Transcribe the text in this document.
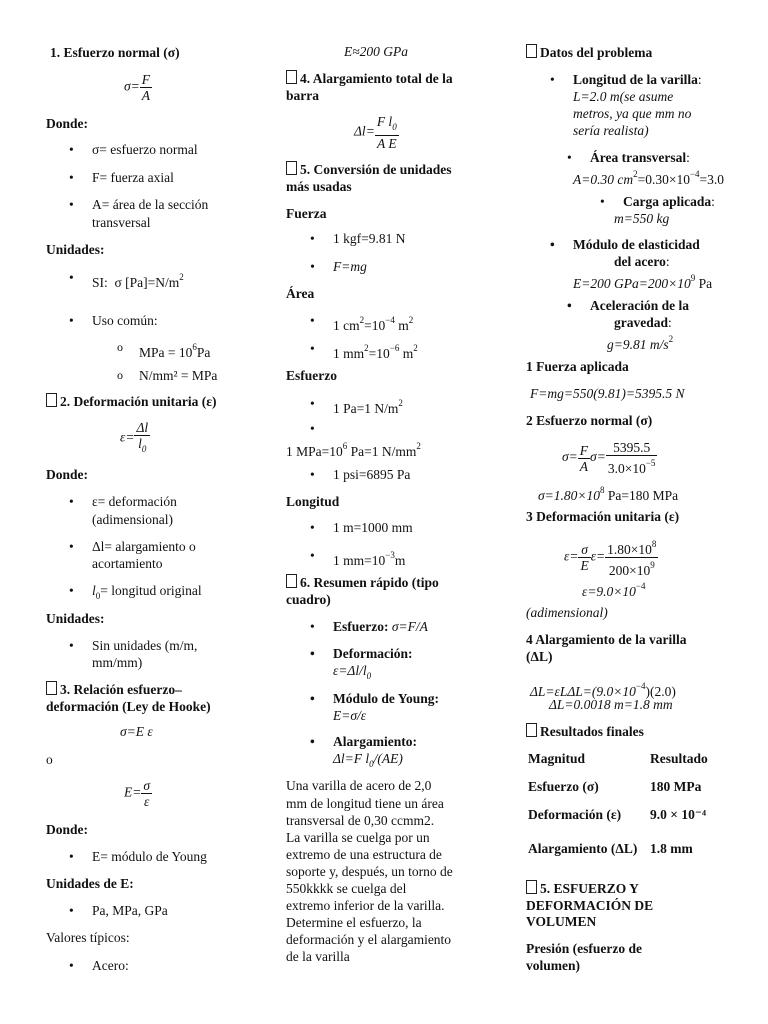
1. Esfuerzo normal (σ)
$\sigma= \frac{F}{A}$
Donde:
• σ= esfuerzo normal
• F= fuerza axial
• A= área de la sección
transversal
Unidades:
• SI: σ $[Pa]=N/m^2$
• Uso común:
o MPa = $10^6Pa$
o N/mm² = MPa
2. Deformación unitaria (ε)
$\varepsilon= \frac{\Delta l}{l_0}$
Donde:
• ε= deformación
(adimensional)
• Δl= alargamiento o
acortamiento
• $l_0=$ longitud original
Unidades:
• Sin unidades (m/m,
mm/mm)
3. Relación esfuerzo–
deformación (Ley de Hooke)
σ=E ε
o
$E= \frac{\sigma}{\varepsilon}$
Donde:
• E= módulo de Young
Unidades de E:
• Pa, MPa, GPa
Valores típicos:
• Acero:
E≈200 GPa
4. Alargamiento total de la
barra
$\Delta l= \frac{F l_0}{\text{A E}}$
5. Conversión de unidades
más usadas
Fuerza
• 1 kgf=9.81 N
• F=mg
Área
• 1 $cm^2=10^{-4}$ $m^2$
• 1 $mm^2=10^{-6}$ $m^2$
Esfuerzo
• 1 Pa=1 $N/m^2$
•
1 $MPa=10^6$ Pa=1 $N/mm^2$
• 1 psi=6895 Pa
Longitud
• 1 m=1000 mm
• 1 $mm=10^{-3}m$
6. Resumen rápido (tipo
cuadro)
• Esfuerzo: σ=F/A
• Deformación:
$\varepsilon=\Delta l/l_0$
• Módulo de Young:
E=σ/ε
• Alargamiento:
Δl=F $l_0/(AE)$
Una varilla de acero de 2,0
mm de longitud tiene un área
transversal de 0,30 ccmm2.
La varilla se cuelga por un
extremo de una estructura de
soporte y, después, un torno de
550kkkk se cuelga del
extremo inferior de la varilla.
Determine el esfuerzo, la
deformación y el alargamiento
de la varilla
Datos del problema
• Longitud de la varilla:
L=2.0 m(se asume
metros, ya que mm no
sería realista)
• Área transversal:
A=0.30 $cm^2=0.30\times 10^{-4}=3.0$
• Carga aplicada:
m=550 kg
• Módulo de elasticidad
del acero:
E=200 $GPa=200\times 10^9$ Pa
• Aceleración de la
gravedad:
g=9.81 $m/s^2$
1 Fuerza aplicada
F=mg=550(9.81)=5395.5 N
2 Esfuerzo normal (σ)
$\sigma= \frac{F}{A} \sigma= \frac{5395.5}{3.0\times 10^{-5}}$
$\sigma=1.80\times 10^8$ Pa=180 MPa
3 Deformación unitaria (ε)
$\varepsilon= \frac{\sigma}{E} \varepsilon= \frac{1.80\times 10^8}{200\times 10^9}$
$\varepsilon=9.0\times 10^{-4}$
(adimensional)
4 Alargamiento de la varilla
(ΔL)
$\Delta L=\varepsilon L\Delta L=(9.0\times 10^{-4})(2.0)$
ΔL=0.0018 m=1.8 mm
Resultados finales
Magnitud	Resultado
Esfuerzo (σ)	180 MPa
Deformación (ε)	9.0 × 10⁻⁴
Alargamiento (ΔL)	1.8 mm
5. ESFUERZO Y
DEFORMACIÓN DE
VOLUMEN
Presión (esfuerzo de
volumen)
